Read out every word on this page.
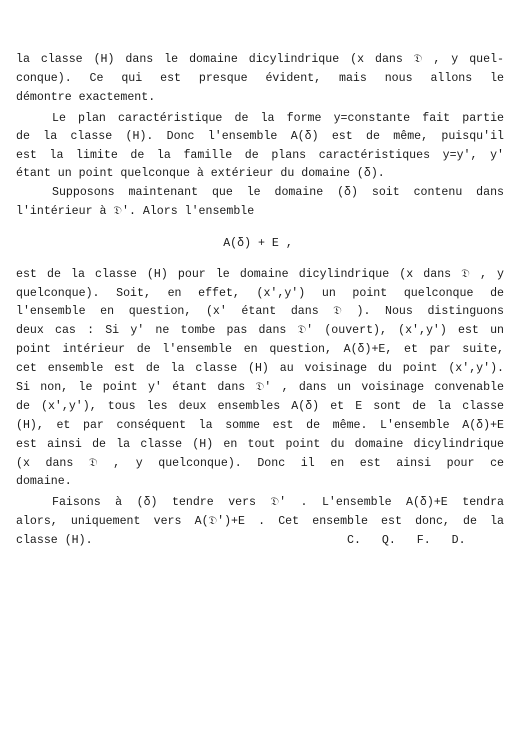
la classe (H) dans le domaine dicylindrique (x dans 𝔇 , y quel-
conque). Ce qui est presque évident, mais nous allons le
démontre exactement.
Le plan caractéristique de la forme y=constante fait partie
de la classe (H). Donc l'ensemble A(δ) est de même, puisqu'il
est la limite de la famille de plans caractéristiques y=y', y'
étant un point quelconque à extérieur du domaine (δ).
Supposons maintenant que le domaine (δ) soit contenu dans
l'intérieur à 𝔇'. Alors l'ensemble
A(δ) + E ,
est de la classe (H) pour le domaine dicylindrique (x dans 𝔇 , y
quelconque). Soit, en effet, (x',y') un point quelconque de
l'ensemble en question, (x' étant dans 𝔇 ). Nous distinguons
deux cas : Si y' ne tombe pas dans 𝔇' (ouvert), (x',y') est un
point intérieur de l'ensemble en question, A(δ)+E, et par suite,
cet ensemble est de la classe (H) au voisinage du point (x',y').
Si non, le point y' étant dans 𝔇' , dans un voisinage convenable
de (x',y'), tous les deux ensembles A(δ) et E sont de la classe
(H), et par conséquent la somme est de même. L'ensemble A(δ)+E
est ainsi de la classe (H) en tout point du domaine dicylindrique
(x dans 𝔇 , y quelconque). Donc il en est ainsi pour ce
domaine.
Faisons à (δ) tendre vers 𝔇' . L'ensemble A(δ)+E tendra
alors, uniquement vers A(𝔇')+E . Cet ensemble est donc, de la
classe (H).	C. Q. F. D.
